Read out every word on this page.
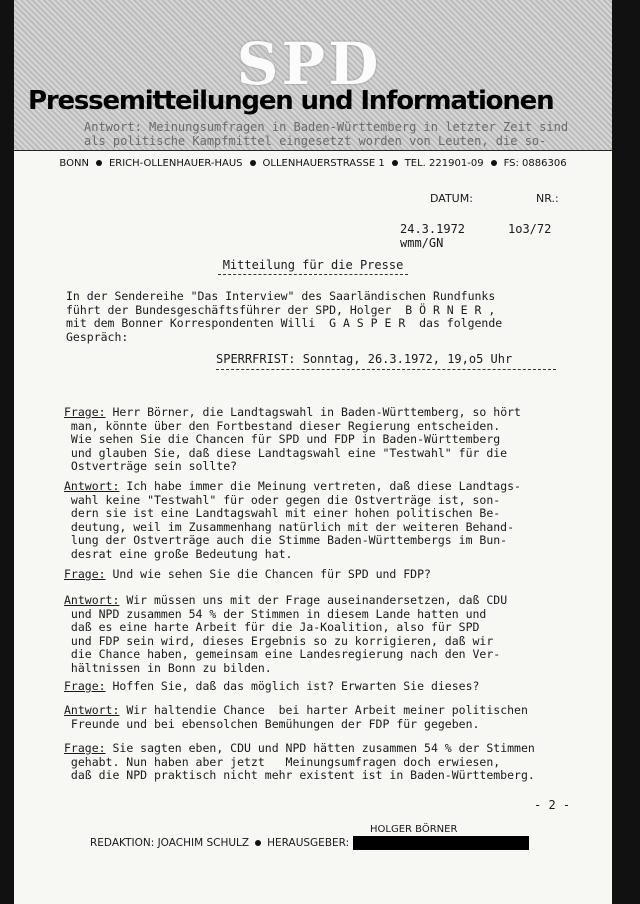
Antwort: Meinungsumfragen in Baden-Württemberg in letzter Zeit sind
als politische Kampfmittel eingesetzt worden von Leuten, die so-
SPD
Pressemitteilungen und Informationen
BONN ERICH-OLLENHAUER-HAUS OLLENHAUERSTRASSE 1 TEL. 221901-09 FS: 0886306
DATUM:	NR.:
24.3.1972	1o3/72
wmm/GN
Mitteilung für die Presse
In der Sendereihe "Das Interview" des Saarländischen Rundfunks
führt der Bundesgeschäftsführer der SPD, Holger  B Ö R N E R ,
mit dem Bonner Korrespondenten Willi  G A S P E R  das folgende
Gespräch:
SPERRFRIST: Sonntag, 26.3.1972, 19,o5 Uhr
Frage: Herr Börner, die Landtagswahl in Baden-Württemberg, so hört
man, könnte über den Fortbestand dieser Regierung entscheiden.
Wie sehen Sie die Chancen für SPD und FDP in Baden-Württemberg
und glauben Sie, daß diese Landtagswahl eine "Testwahl" für die
Ostverträge sein sollte?
Antwort: Ich habe immer die Meinung vertreten, daß diese Landtags-
wahl keine "Testwahl" für oder gegen die Ostverträge ist, son-
dern sie ist eine Landtagswahl mit einer hohen politischen Be-
deutung, weil im Zusammenhang natürlich mit der weiteren Behand-
lung der Ostverträge auch die Stimme Baden-Württembergs im Bun-
desrat eine große Bedeutung hat.
Frage: Und wie sehen Sie die Chancen für SPD und FDP?
Antwort: Wir müssen uns mit der Frage auseinandersetzen, daß CDU
und NPD zusammen 54 % der Stimmen in diesem Lande hatten und
daß es eine harte Arbeit für die Ja-Koalition, also für SPD
und FDP sein wird, dieses Ergebnis so zu korrigieren, daß wir
die Chance haben, gemeinsam eine Landesregierung nach den Ver-
hältnissen in Bonn zu bilden.
Frage: Hoffen Sie, daß das möglich ist? Erwarten Sie dieses?
Antwort: Wir haltendie Chance  bei harter Arbeit meiner politischen
Freunde und bei ebensolchen Bemühungen der FDP für gegeben.
Frage: Sie sagten eben, CDU und NPD hätten zusammen 54 % der Stimmen
gehabt. Nun haben aber jetzt   Meinungsumfragen doch erwiesen,
daß die NPD praktisch nicht mehr existent ist in Baden-Württemberg.
- 2 -
HOLGER BÖRNER
REDAKTION: JOACHIM SCHULZ HERAUSGEBER:
